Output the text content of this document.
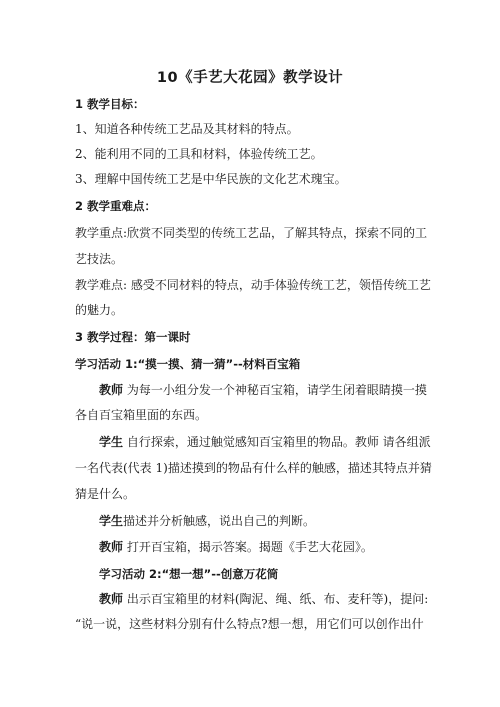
10《手艺大花园》教学设计
1 教学目标：
1、知道各种传统工艺品及其材料的特点。
2、能利用不同的工具和材料，体验传统工艺。
3、理解中国传统工艺是中华民族的文化艺术瑰宝。
2 教学重难点：
教学重点:欣赏不同类型的传统工艺品，了解其特点，探索不同的工
艺技法。
教学难点: 感受不同材料的特点，动手体验传统工艺，领悟传统工艺
的魅力。
3 教学过程：第一课时
学习活动 1:“摸一摸、猜一猜”--材料百宝箱
教师 为每一小组分发一个神秘百宝箱，请学生闭着眼睛摸一摸
各自百宝箱里面的东西。
学生 自行探索，通过触觉感知百宝箱里的物品。教师 请各组派
一名代表(代表 1)描述摸到的物品有什么样的触感，描述其特点并猜
猜是什么。
学生描述并分析触感，说出自己的判断。
教师 打开百宝箱，揭示答案。揭题《手艺大花园》。
学习活动 2:“想一想”--创意万花筒
教师 出示百宝箱里的材料(陶泥、绳、纸、布、麦秆等)，提问:
“说一说，这些材料分别有什么特点?想一想，用它们可以创作出什
